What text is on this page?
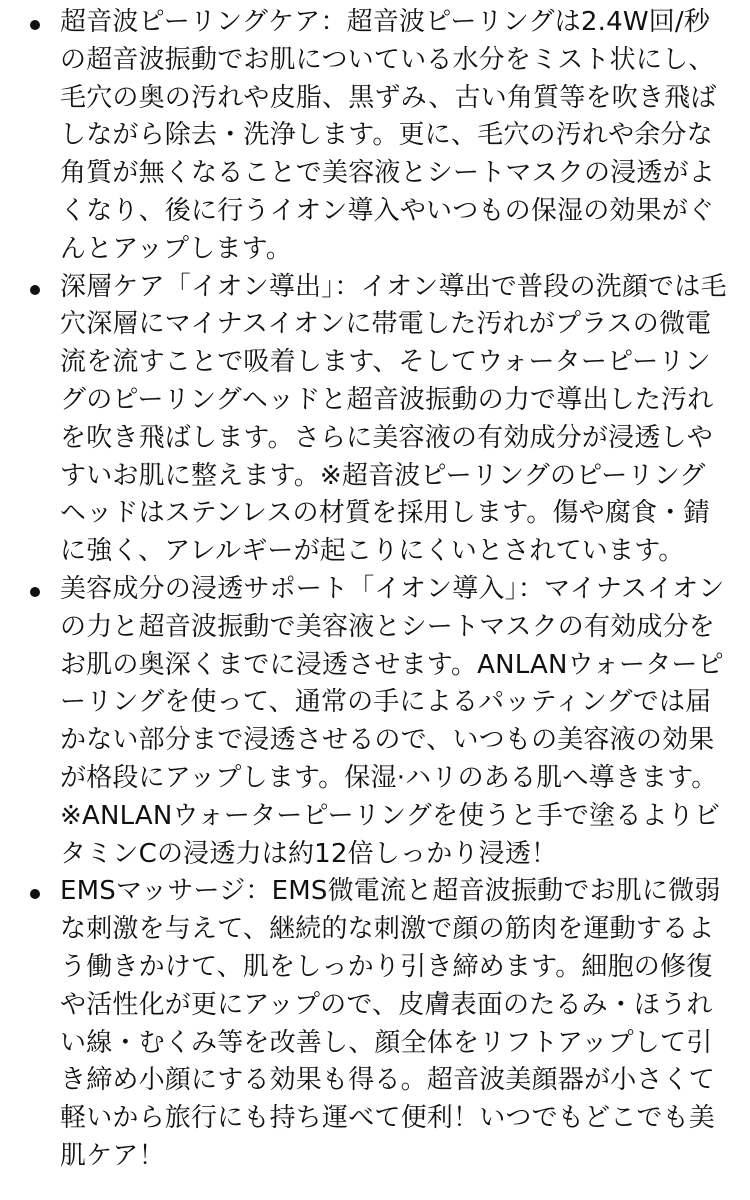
超音波ピーリングケア：超音波ピーリングは2.4W回/秒の超音波振動でお肌についている水分をミスト状にし、毛穴の奥の汚れや皮脂、黒ずみ、古い角質等を吹き飛ばしながら除去・洗浄します。更に、毛穴の汚れや余分な角質が無くなることで美容液とシートマスクの浸透がよくなり、後に行うイオン導入やいつもの保湿の効果がぐんとアップします。
深層ケア「イオン導出」：イオン導出で普段の洗顔では毛穴深層にマイナスイオンに帯電した汚れがプラスの微電流を流すことで吸着します、そしてウォーターピーリングのピーリングヘッドと超音波振動の力で導出した汚れを吹き飛ばします。さらに美容液の有効成分が浸透しやすいお肌に整えます。※超音波ピーリングのピーリングヘッドはステンレスの材質を採用します。傷や腐食・錆に強く、アレルギーが起こりにくいとされています。
美容成分の浸透サポート「イオン導入」：マイナスイオンの力と超音波振動で美容液とシートマスクの有効成分をお肌の奥深くまでに浸透させます。ANLANウォーターピーリングを使って、通常の手によるパッティングでは届かない部分まで浸透させるので、いつもの美容液の効果が格段にアップします。保湿·ハリのある肌へ導きます。※ANLANウォーターピーリングを使うと手で塗るよりビタミンCの浸透力は約12倍しっかり浸透！
EMSマッサージ：EMS微電流と超音波振動でお肌に微弱な刺激を与えて、継続的な刺激で顔の筋肉を運動するよう働きかけて、肌をしっかり引き締めます。細胞の修復や活性化が更にアップので、皮膚表面のたるみ・ほうれい線・むくみ等を改善し、顔全体をリフトアップして引き締め小顔にする効果も得る。超音波美顔器が小さくて軽いから旅行にも持ち運べて便利！いつでもどこでも美肌ケア！
